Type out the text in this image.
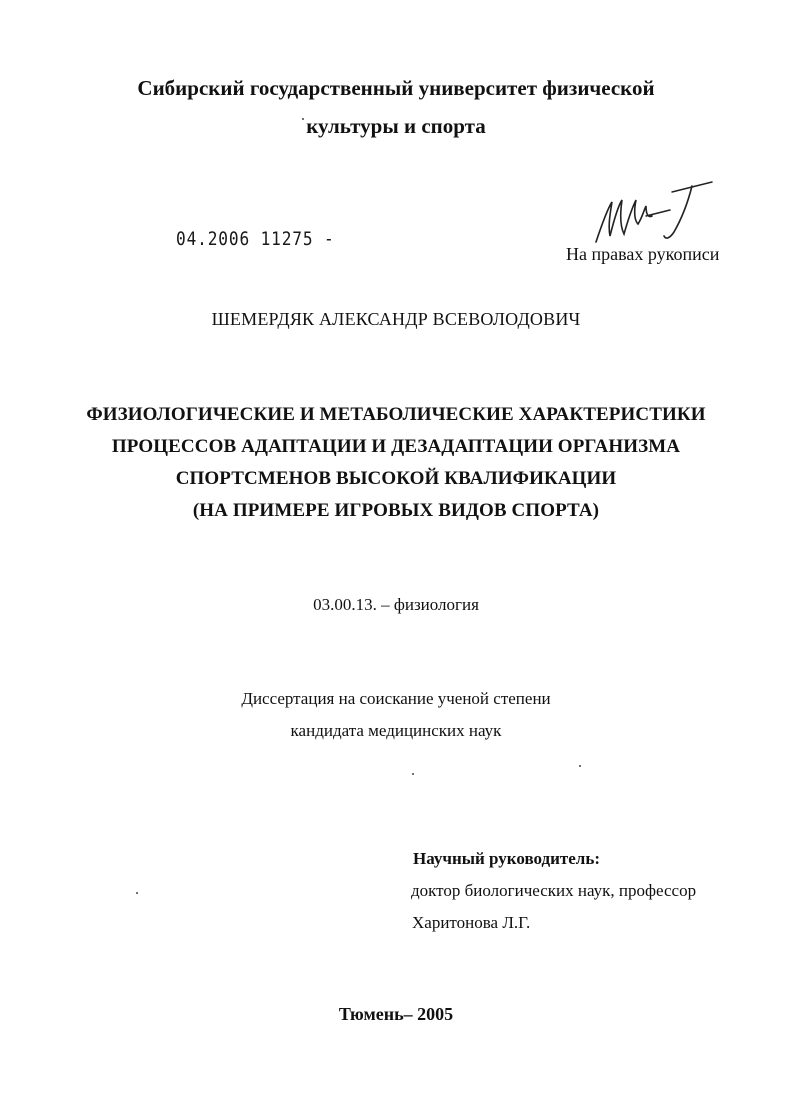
Сибирский государственный университет физической
культуры и спорта
04.2006 11275 -
На правах рукописи
ШЕМЕРДЯК АЛЕКСАНДР ВСЕВОЛОДОВИЧ
ФИЗИОЛОГИЧЕСКИЕ И МЕТАБОЛИЧЕСКИЕ ХАРАКТЕРИСТИКИ
ПРОЦЕССОВ АДАПТАЦИИ И ДЕЗАДАПТАЦИИ ОРГАНИЗМА
СПОРТСМЕНОВ ВЫСОКОЙ КВАЛИФИКАЦИИ
(НА ПРИМЕРЕ ИГРОВЫХ ВИДОВ СПОРТА)
03.00.13. – физиология
Диссертация на соискание ученой степени
кандидата медицинских наук
Научный руководитель:
доктор биологических наук, профессор
Харитонова Л.Г.
Тюмень– 2005
